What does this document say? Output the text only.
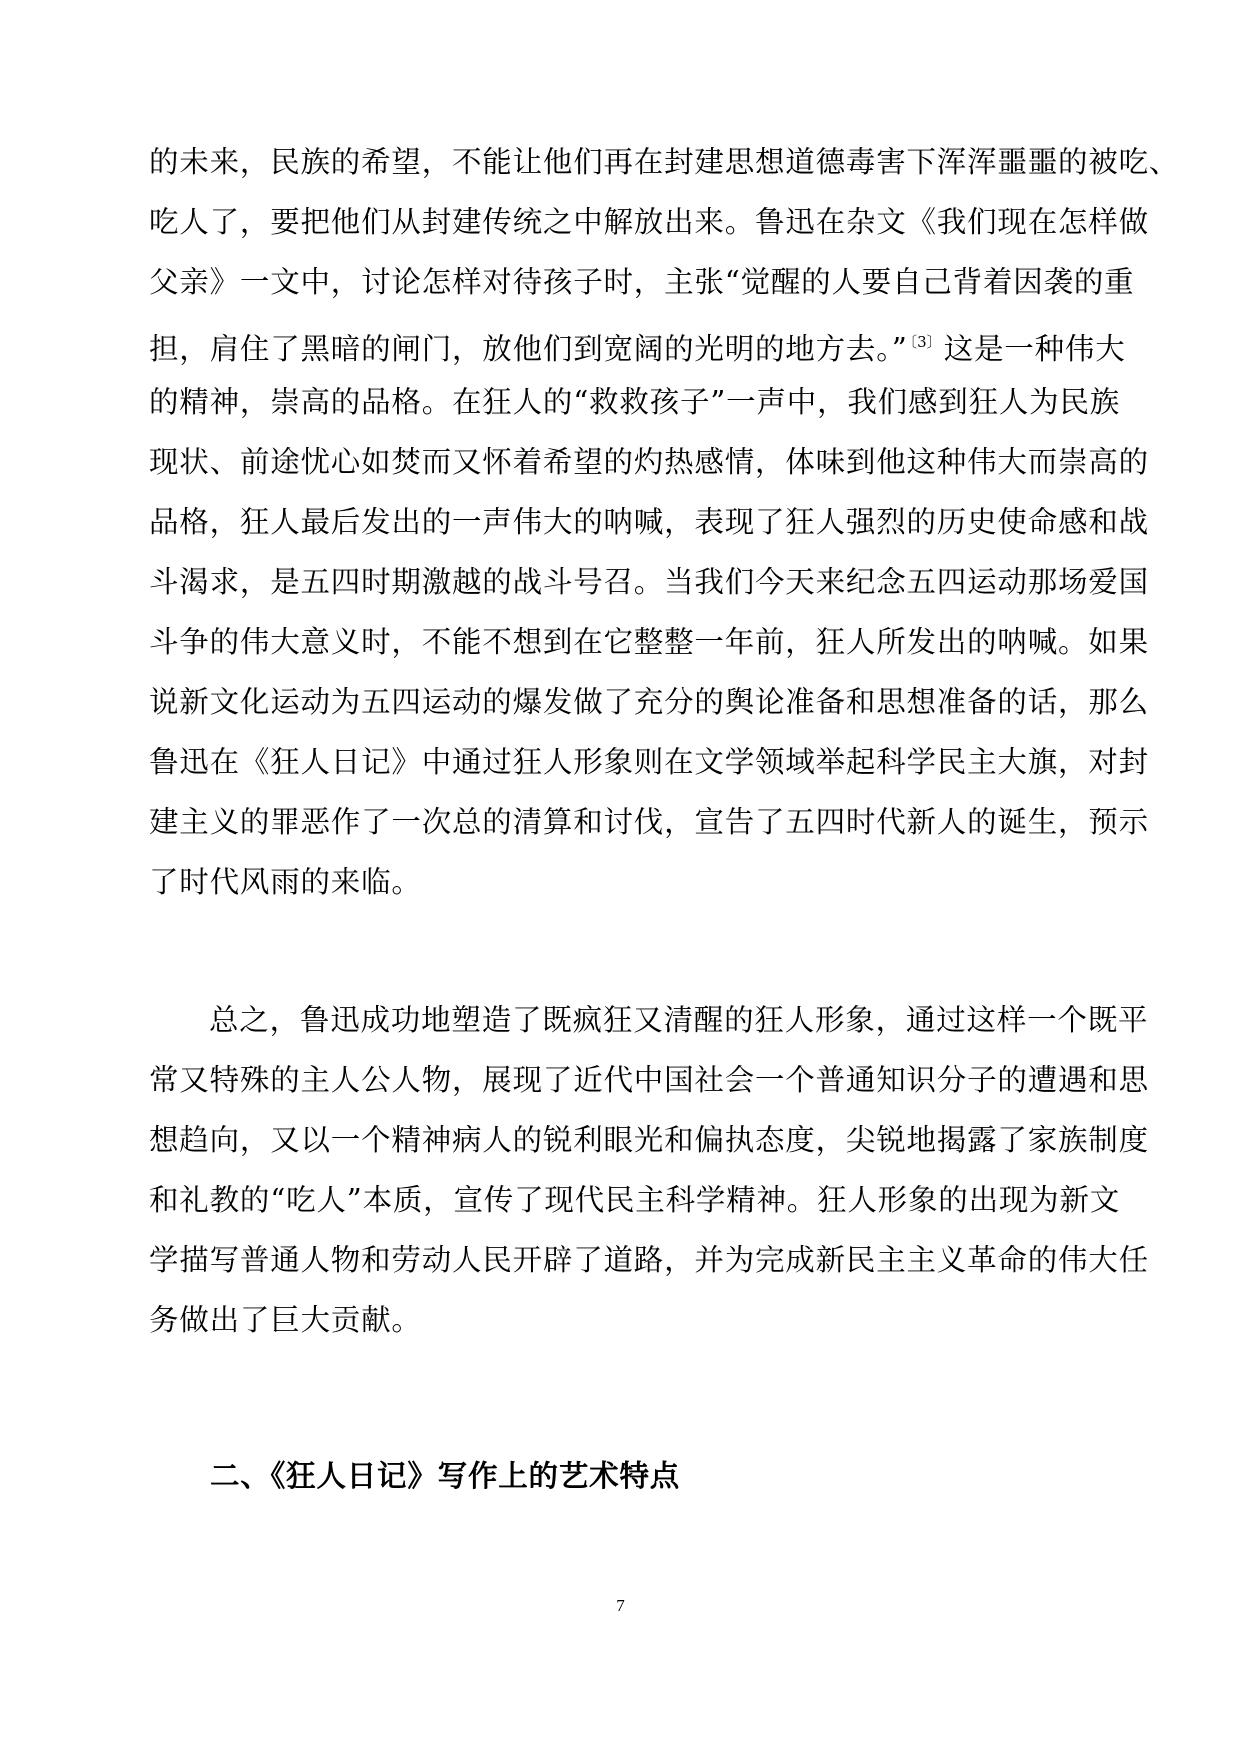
的未来，民族的希望，不能让他们再在封建思想道德毒害下浑浑噩噩的被吃、
吃人了，要把他们从封建传统之中解放出来。鲁迅在杂文《我们现在怎样做
父亲》一文中，讨论怎样对待孩子时，主张“觉醒的人要自己背着因袭的重
担，肩住了黑暗的闸门，放他们到宽阔的光明的地方去。” $^{〔3〕}$这是一种伟大
的精神，崇高的品格。在狂人的“救救孩子”一声中，我们感到狂人为民族
现状、前途忧心如焚而又怀着希望的灼热感情，体味到他这种伟大而崇高的
品格，狂人最后发出的一声伟大的呐喊，表现了狂人强烈的历史使命感和战
斗渴求，是五四时期激越的战斗号召。当我们今天来纪念五四运动那场爱国
斗争的伟大意义时，不能不想到在它整整一年前，狂人所发出的呐喊。如果
说新文化运动为五四运动的爆发做了充分的舆论准备和思想准备的话，那么
鲁迅在《狂人日记》中通过狂人形象则在文学领域举起科学民主大旗，对封
建主义的罪恶作了一次总的清算和讨伐，宣告了五四时代新人的诞生，预示
了时代风雨的来临。
总之，鲁迅成功地塑造了既疯狂又清醒的狂人形象，通过这样一个既平
常又特殊的主人公人物，展现了近代中国社会一个普通知识分子的遭遇和思
想趋向，又以一个精神病人的锐利眼光和偏执态度，尖锐地揭露了家族制度
和礼教的“吃人”本质，宣传了现代民主科学精神。狂人形象的出现为新文
学描写普通人物和劳动人民开辟了道路，并为完成新民主主义革命的伟大任
务做出了巨大贡献。
二、《狂人日记》写作上的艺术特点
7
